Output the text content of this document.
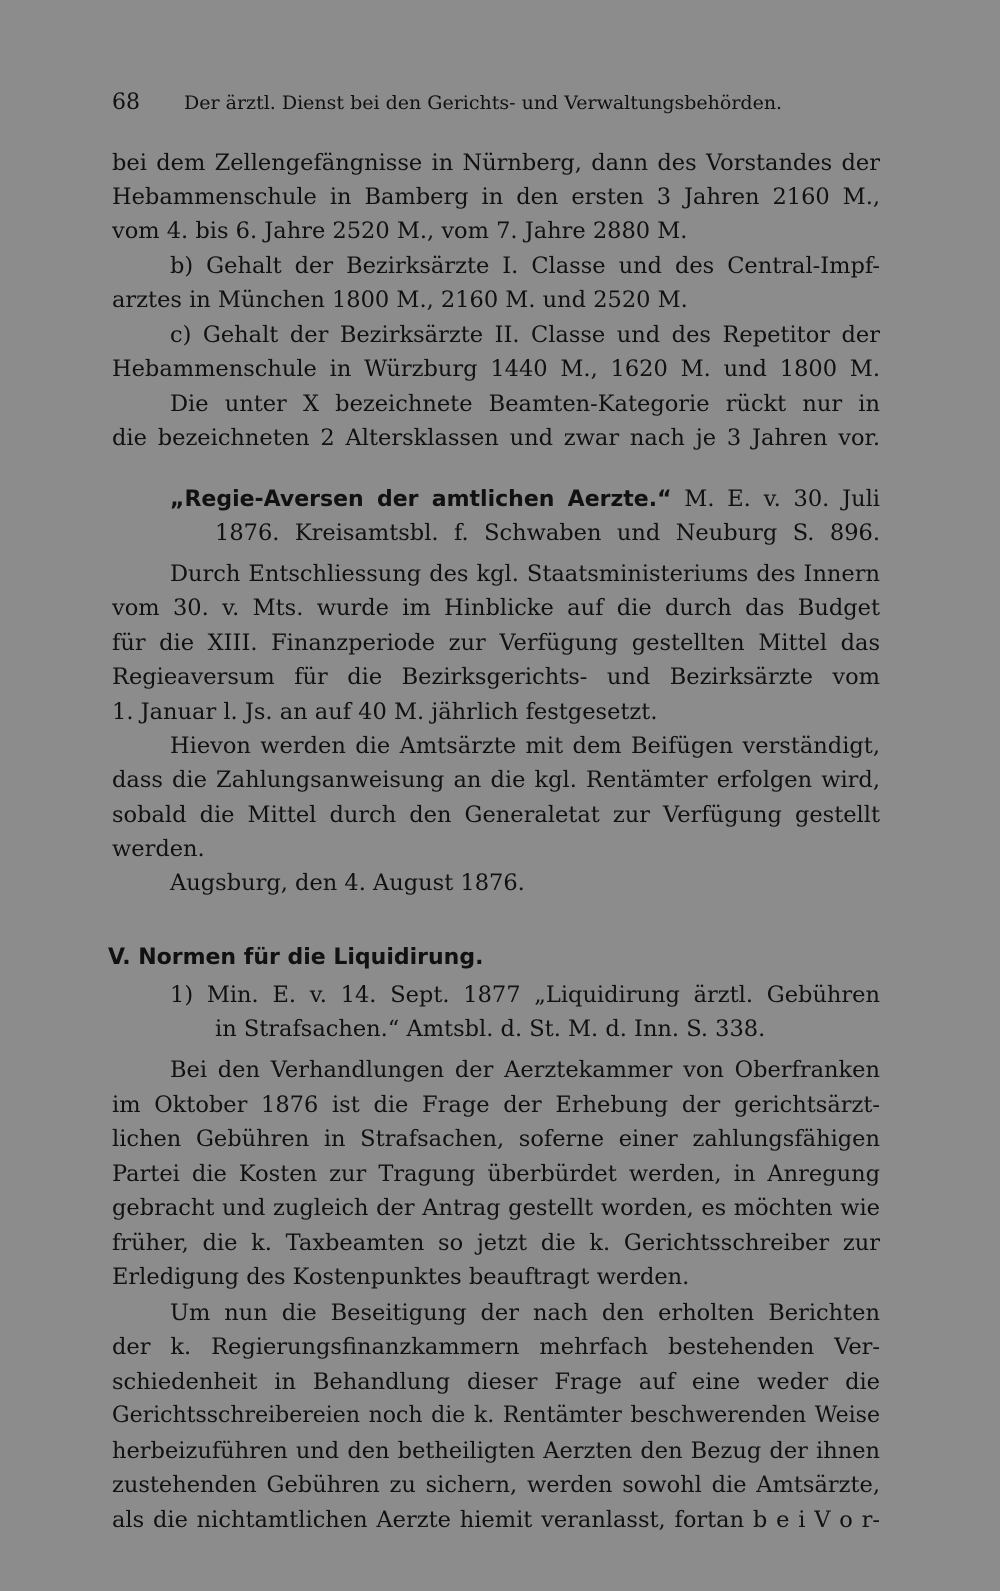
68 Der ärztl. Dienst bei den Gerichts- und Verwaltungsbehörden.
bei dem Zellengefängnisse in Nürnberg, dann des Vorstandes der
Hebammenschule in Bamberg in den ersten 3 Jahren 2160 M.,
vom 4. bis 6. Jahre 2520 M., vom 7. Jahre 2880 M.
b) Gehalt der Bezirksärzte I. Classe und des Central-Impf-
arztes in München 1800 M., 2160 M. und 2520 M.
c) Gehalt der Bezirksärzte II. Classe und des Repetitor der
Hebammenschule in Würzburg 1440 M., 1620 M. und 1800 M.
Die unter X bezeichnete Beamten-Kategorie rückt nur in
die bezeichneten 2 Altersklassen und zwar nach je 3 Jahren vor.
„Regie-Aversen der amtlichen Aerzte.“ M. E. v. 30. Juli
1876. Kreisamtsbl. f. Schwaben und Neuburg S. 896.
Durch Entschliessung des kgl. Staatsministeriums des Innern
vom 30. v. Mts. wurde im Hinblicke auf die durch das Budget
für die XIII. Finanzperiode zur Verfügung gestellten Mittel das
Regieaversum für die Bezirksgerichts- und Bezirksärzte vom
1. Januar l. Js. an auf 40 M. jährlich festgesetzt.
Hievon werden die Amtsärzte mit dem Beifügen verständigt,
dass die Zahlungsanweisung an die kgl. Rentämter erfolgen wird,
sobald die Mittel durch den Generaletat zur Verfügung gestellt
werden.
Augsburg, den 4. August 1876.
V. Normen für die Liquidirung.
1) Min. E. v. 14. Sept. 1877 „Liquidirung ärztl. Gebühren
in Strafsachen.“ Amtsbl. d. St. M. d. Inn. S. 338.
Bei den Verhandlungen der Aerztekammer von Oberfranken
im Oktober 1876 ist die Frage der Erhebung der gerichtsärzt-
lichen Gebühren in Strafsachen, soferne einer zahlungsfähigen
Partei die Kosten zur Tragung überbürdet werden, in Anregung
gebracht und zugleich der Antrag gestellt worden, es möchten wie
früher, die k. Taxbeamten so jetzt die k. Gerichtsschreiber zur
Erledigung des Kostenpunktes beauftragt werden.
Um nun die Beseitigung der nach den erholten Berichten
der k. Regierungsfinanzkammern mehrfach bestehenden Ver-
schiedenheit in Behandlung dieser Frage auf eine weder die
Gerichtsschreibereien noch die k. Rentämter beschwerenden Weise
herbeizuführen und den betheiligten Aerzten den Bezug der ihnen
zustehenden Gebühren zu sichern, werden sowohl die Amtsärzte,
als die nichtamtlichen Aerzte hiemit veranlasst, fortan b e i V o r-
